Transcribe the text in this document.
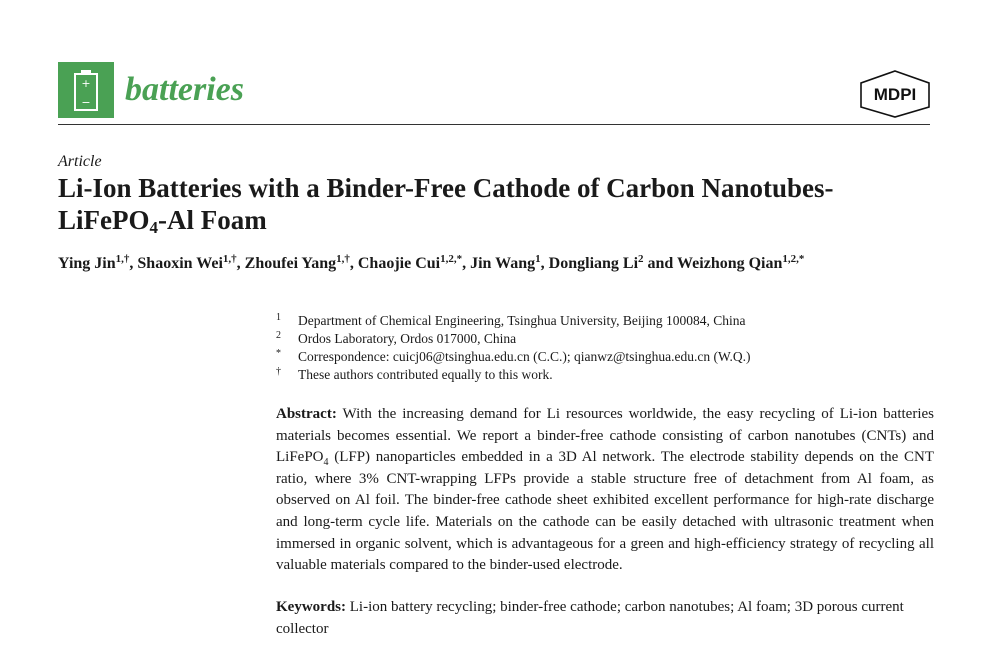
+
− batteries	MDPI
Article
Li-Ion Batteries with a Binder-Free Cathode of Carbon Nanotubes-LiFePO$_4$-Al Foam
Ying Jin$^{1,\dagger}$, Shaoxin Wei$^{1,\dagger}$, Zhoufei Yang$^{1,\dagger}$, Chaojie Cui$^{1,2,*}$, Jin Wang$^1$, Dongliang Li$^2$ and Weizhong Qian$^{1,2,*}$
1 Department of Chemical Engineering, Tsinghua University, Beijing 100084, China
2 Ordos Laboratory, Ordos 017000, China
* Correspondence: cuicj06@tsinghua.edu.cn (C.C.); qianwz@tsinghua.edu.cn (W.Q.)
† These authors contributed equally to this work.

Abstract: With the increasing demand for Li resources worldwide, the easy recycling of Li-ion batteries materials becomes essential. We report a binder-free cathode consisting of carbon nanotubes (CNTs) and LiFePO$_4$ (LFP) nanoparticles embedded in a 3D Al network. The electrode stability depends on the CNT ratio, where 3% CNT-wrapping LFPs provide a stable structure free of detachment from Al foam, as observed on Al foil. The binder-free cathode sheet exhibited excellent performance for high-rate discharge and long-term cycle life. Materials on the cathode can be easily detached with ultrasonic treatment when immersed in organic solvent, which is advantageous for a green and high-efficiency strategy of recycling all valuable materials compared to the binder-used electrode.

Keywords: Li-ion battery recycling; binder-free cathode; carbon nanotubes; Al foam; 3D porous current collector
